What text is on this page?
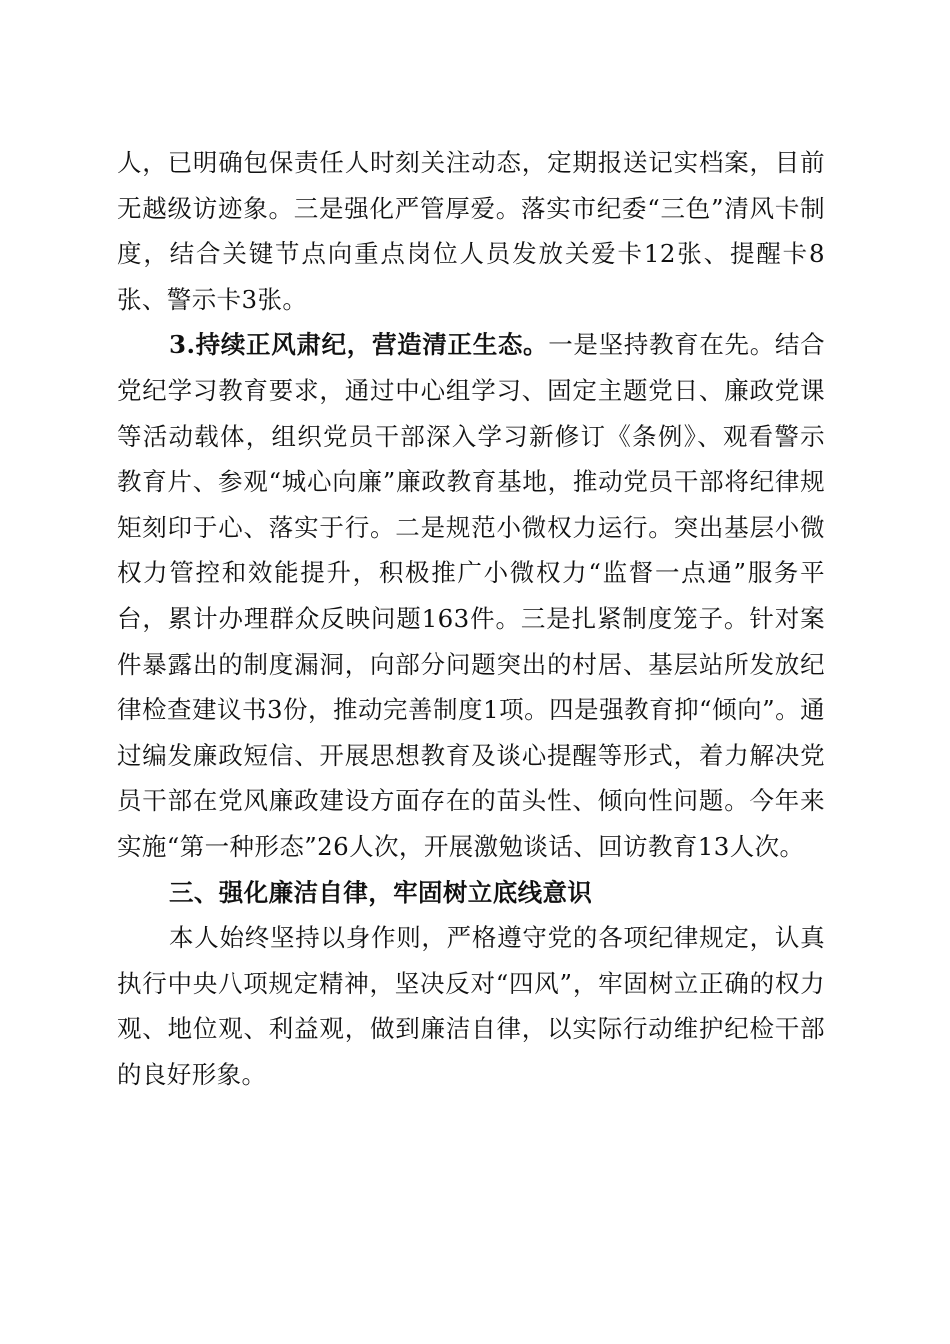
人，已明确包保责任人时刻关注动态，定期报送记实档案，目前无越级访迹象。三是强化严管厚爱。落实市纪委“三色”清风卡制度，结合关键节点向重点岗位人员发放关爱卡12张、提醒卡8张、警示卡3张。

3.持续正风肃纪，营造清正生态。一是坚持教育在先。结合党纪学习教育要求，通过中心组学习、固定主题党日、廉政党课等活动载体，组织党员干部深入学习新修订《条例》、观看警示教育片、参观“城心向廉”廉政教育基地，推动党员干部将纪律规矩刻印于心、落实于行。二是规范小微权力运行。突出基层小微权力管控和效能提升，积极推广小微权力“监督一点通”服务平台，累计办理群众反映问题163件。三是扎紧制度笼子。针对案件暴露出的制度漏洞，向部分问题突出的村居、基层站所发放纪律检查建议书3份，推动完善制度1项。四是强教育抑“倾向”。通过编发廉政短信、开展思想教育及谈心提醒等形式，着力解决党员干部在党风廉政建设方面存在的苗头性、倾向性问题。今年来实施“第一种形态”26人次，开展激勉谈话、回访教育13人次。

三、强化廉洁自律，牢固树立底线意识

本人始终坚持以身作则，严格遵守党的各项纪律规定，认真执行中央八项规定精神，坚决反对“四风”，牢固树立正确的权力观、地位观、利益观，做到廉洁自律，以实际行动维护纪检干部的良好形象。
